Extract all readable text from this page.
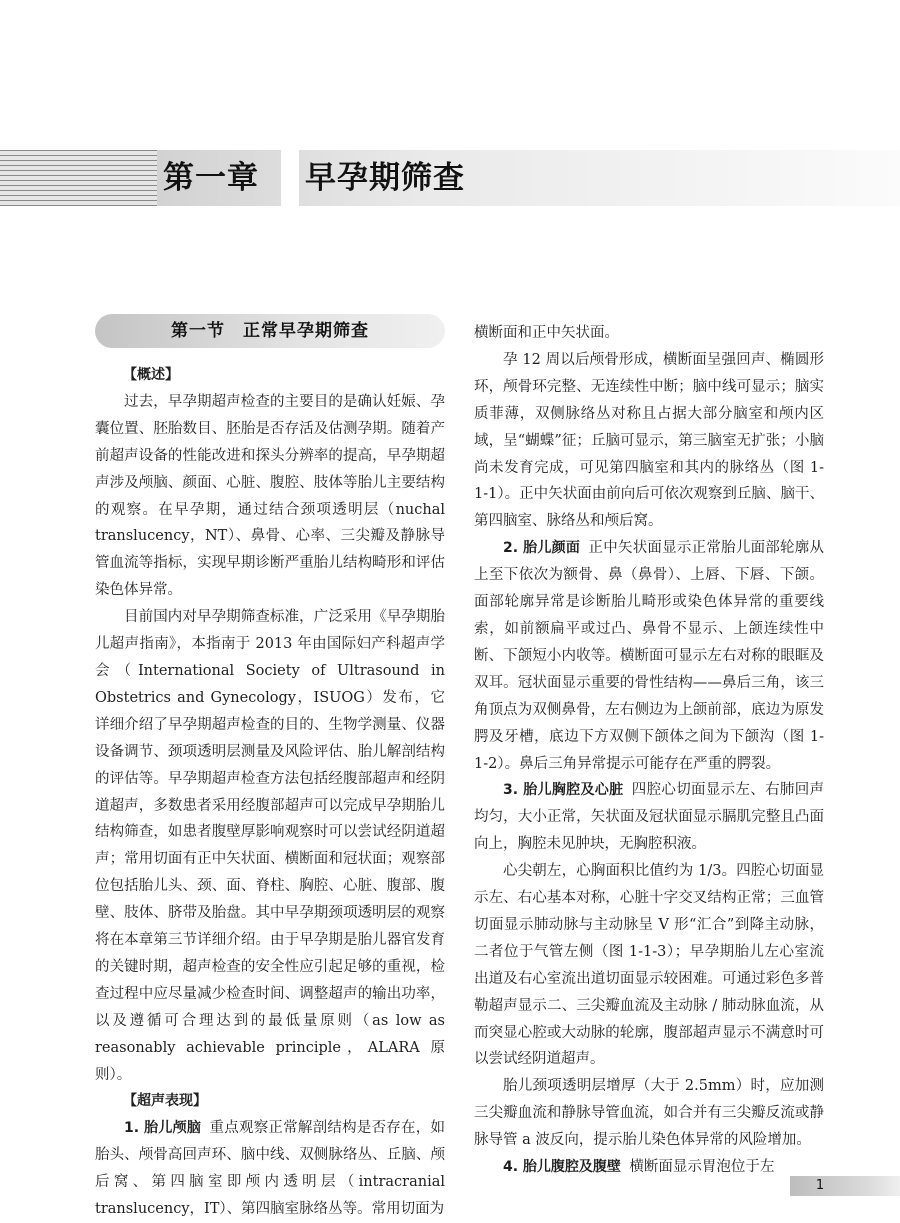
第一章 早孕期筛查
第一节　正常早孕期筛查

【概述】

过去，早孕期超声检查的主要目的是确认妊娠、孕囊位置、胚胎数目、胚胎是否存活及估测孕期。随着产前超声设备的性能改进和探头分辨率的提高，早孕期超声涉及颅脑、颜面、心脏、腹腔、肢体等胎儿主要结构的观察。在早孕期，通过结合颈项透明层（nuchal translucency，NT）、鼻骨、心率、三尖瓣及静脉导管血流等指标，实现早期诊断严重胎儿结构畸形和评估染色体异常。

目前国内对早孕期筛查标准，广泛采用《早孕期胎儿超声指南》，本指南于 2013 年由国际妇产科超声学会（International Society of Ultrasound in Obstetrics and Gynecology，ISUOG）发布，它详细介绍了早孕期超声检查的目的、生物学测量、仪器设备调节、颈项透明层测量及风险评估、胎儿解剖结构的评估等。早孕期超声检查方法包括经腹部超声和经阴道超声，多数患者采用经腹部超声可以完成早孕期胎儿结构筛查，如患者腹壁厚影响观察时可以尝试经阴道超声；常用切面有正中矢状面、横断面和冠状面；观察部位包括胎儿头、颈、面、脊柱、胸腔、心脏、腹部、腹壁、肢体、脐带及胎盘。其中早孕期颈项透明层的观察将在本章第三节详细介绍。由于早孕期是胎儿器官发育的关键时期，超声检查的安全性应引起足够的重视，检查过程中应尽量减少检查时间、调整超声的输出功率，以及遵循可合理达到的最低量原则（as low as reasonably achievable principle，ALARA 原则）。

【超声表现】

1. 胎儿颅脑 重点观察正常解剖结构是否存在，如胎头、颅骨高回声环、脑中线、双侧脉络丛、丘脑、颅后窝、第四脑室即颅内透明层（intracranial translucency，IT）、第四脑室脉络丛等。常用切面为

横断面和正中矢状面。

孕 12 周以后颅骨形成，横断面呈强回声、椭圆形环，颅骨环完整、无连续性中断；脑中线可显示；脑实质菲薄，双侧脉络丛对称且占据大部分脑室和颅内区域，呈“蝴蝶”征；丘脑可显示，第三脑室无扩张；小脑尚未发育完成，可见第四脑室和其内的脉络丛（图 1-1-1）。正中矢状面由前向后可依次观察到丘脑、脑干、第四脑室、脉络丛和颅后窝。

2. 胎儿颜面 正中矢状面显示正常胎儿面部轮廓从上至下依次为额骨、鼻（鼻骨）、上唇、下唇、下颌。面部轮廓异常是诊断胎儿畸形或染色体异常的重要线索，如前额扁平或过凸、鼻骨不显示、上颌连续性中断、下颌短小内收等。横断面可显示左右对称的眼眶及双耳。冠状面显示重要的骨性结构——鼻后三角，该三角顶点为双侧鼻骨，左右侧边为上颌前部，底边为原发腭及牙槽，底边下方双侧下颌体之间为下颌沟（图 1-1-2）。鼻后三角异常提示可能存在严重的腭裂。

3. 胎儿胸腔及心脏 四腔心切面显示左、右肺回声均匀，大小正常，矢状面及冠状面显示膈肌完整且凸面向上，胸腔未见肿块，无胸腔积液。

心尖朝左，心胸面积比值约为 1/3。四腔心切面显示左、右心基本对称，心脏十字交叉结构正常；三血管切面显示肺动脉与主动脉呈 V 形“汇合”到降主动脉，二者位于气管左侧（图 1-1-3）；早孕期胎儿左心室流出道及右心室流出道切面显示较困难。可通过彩色多普勒超声显示二、三尖瓣血流及主动脉 / 肺动脉血流，从而突显心腔或大动脉的轮廓，腹部超声显示不满意时可以尝试经阴道超声。

胎儿颈项透明层增厚（大于 2.5mm）时，应加测三尖瓣血流和静脉导管血流，如合并有三尖瓣反流或静脉导管 a 波反向，提示胎儿染色体异常的风险增加。

4. 胎儿腹腔及腹壁 横断面显示胃泡位于左

1
